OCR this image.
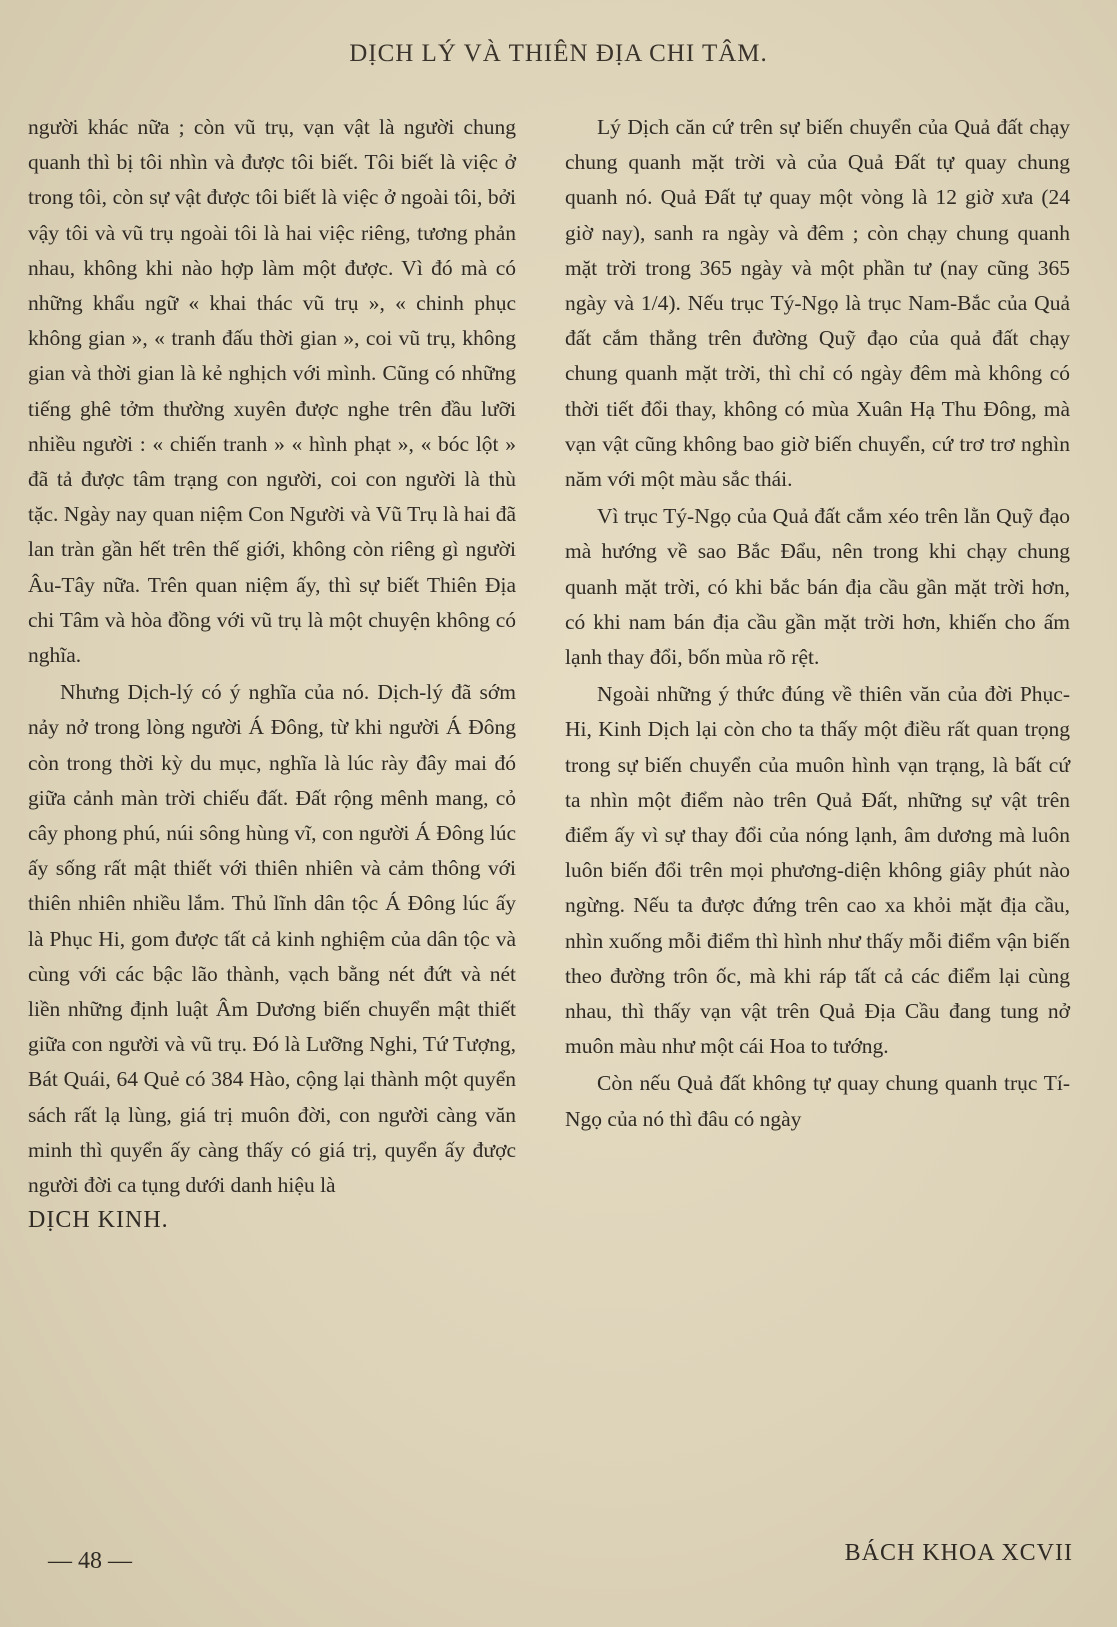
DỊCH LÝ VÀ THIÊN ĐỊA CHI TÂM.

người khác nữa ; còn vũ trụ, vạn vật là người chung quanh thì bị tôi nhìn và được tôi biết. Tôi biết là việc ở trong tôi, còn sự vật được tôi biết là việc ở ngoài tôi, bởi vậy tôi và vũ trụ ngoài tôi là hai việc riêng, tương phản nhau, không khi nào hợp làm một được. Vì đó mà có những khẩu ngữ « khai thác vũ trụ », « chinh phục không gian », « tranh đấu thời gian », coi vũ trụ, không gian và thời gian là kẻ nghịch với mình. Cũng có những tiếng ghê tởm thường xuyên được nghe trên đầu lưỡi nhiều người : « chiến tranh » « hình phạt », « bóc lột » đã tả được tâm trạng con người, coi con người là thù tặc. Ngày nay quan niệm Con Người và Vũ Trụ là hai đã lan tràn gần hết trên thế giới, không còn riêng gì người Âu-Tây nữa. Trên quan niệm ấy, thì sự biết Thiên Địa chi Tâm và hòa đồng với vũ trụ là một chuyện không có nghĩa.

Nhưng Dịch-lý có ý nghĩa của nó. Dịch-lý đã sớm nảy nở trong lòng người Á Đông, từ khi người Á Đông còn trong thời kỳ du mục, nghĩa là lúc rày đây mai đó giữa cảnh màn trời chiếu đất. Đất rộng mênh mang, cỏ cây phong phú, núi sông hùng vĩ, con người Á Đông lúc ấy sống rất mật thiết với thiên nhiên và cảm thông với thiên nhiên nhiều lắm. Thủ lĩnh dân tộc Á Đông lúc ấy là Phục Hi, gom được tất cả kinh nghiệm của dân tộc và cùng với các bậc lão thành, vạch bằng nét đứt và nét liền những định luật Âm Dương biến chuyển mật thiết giữa con người và vũ trụ. Đó là Lưỡng Nghi, Tứ Tượng, Bát Quái, 64 Quẻ có 384 Hào, cộng lại thành một quyển sách rất lạ lùng, giá trị muôn đời, con người càng văn minh thì quyển ấy càng thấy có giá trị, quyển ấy được người đời ca tụng dưới danh hiệu là
DỊCH KINH.

Lý Dịch căn cứ trên sự biến chuyển của Quả đất chạy chung quanh mặt trời và của Quả Đất tự quay chung quanh nó. Quả Đất tự quay một vòng là 12 giờ xưa (24 giờ nay), sanh ra ngày và đêm ; còn chạy chung quanh mặt trời trong 365 ngày và một phần tư (nay cũng 365 ngày và 1/4). Nếu trục Tý-Ngọ là trục Nam-Bắc của Quả đất cắm thẳng trên đường Quỹ đạo của quả đất chạy chung quanh mặt trời, thì chỉ có ngày đêm mà không có thời tiết đổi thay, không có mùa Xuân Hạ Thu Đông, mà vạn vật cũng không bao giờ biến chuyển, cứ trơ trơ nghìn năm với một màu sắc thái.

Vì trục Tý-Ngọ của Quả đất cắm xéo trên lằn Quỹ đạo mà hướng về sao Bắc Đẩu, nên trong khi chạy chung quanh mặt trời, có khi bắc bán địa cầu gần mặt trời hơn, có khi nam bán địa cầu gần mặt trời hơn, khiến cho ấm lạnh thay đổi, bốn mùa rõ rệt.

Ngoài những ý thức đúng về thiên văn của đời Phục-Hi, Kinh Dịch lại còn cho ta thấy một điều rất quan trọng trong sự biến chuyển của muôn hình vạn trạng, là bất cứ ta nhìn một điểm nào trên Quả Đất, những sự vật trên điểm ấy vì sự thay đổi của nóng lạnh, âm dương mà luôn luôn biến đổi trên mọi phương-diện không giây phút nào ngừng. Nếu ta được đứng trên cao xa khỏi mặt địa cầu, nhìn xuống mỗi điểm thì hình như thấy mỗi điểm vận biến theo đường trôn ốc, mà khi ráp tất cả các điểm lại cùng nhau, thì thấy vạn vật trên Quả Địa Cầu đang tung nở muôn màu như một cái Hoa to tướng.

Còn nếu Quả đất không tự quay chung quanh trục Tí-Ngọ của nó thì đâu có ngày

— 48 —	BÁCH KHOA XCVII
